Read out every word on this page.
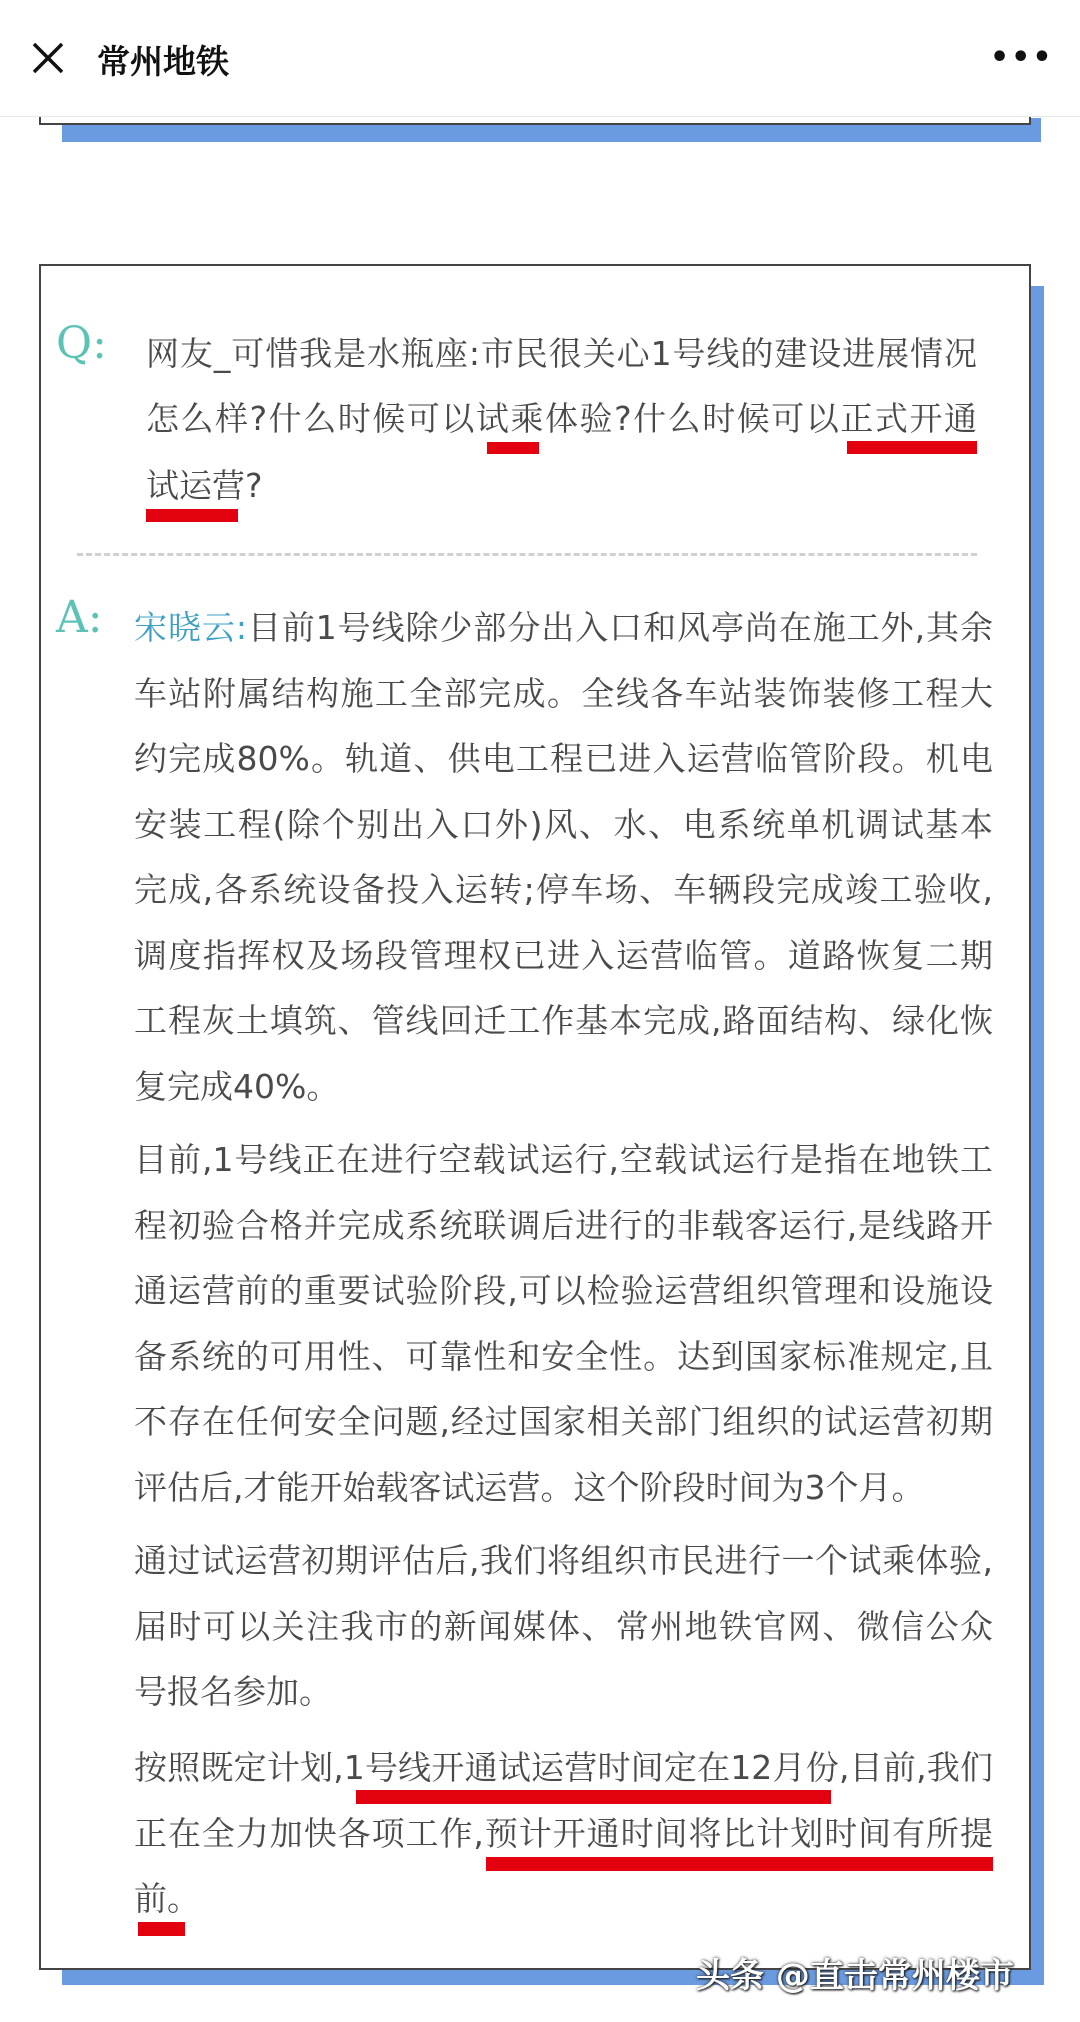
常州地铁	•••
Q: 网友_可惜我是水瓶座:市民很关心1号线的建设进展情况
怎么样?什么时候可以试乘体验?什么时候可以正式开通
试运营?
A: 宋晓云:目前1号线除少部分出入口和风亭尚在施工外,其余
车站附属结构施工全部完成。全线各车站装饰装修工程大
约完成80%。轨道、供电工程已进入运营临管阶段。机电
安装工程(除个别出入口外)风、水、电系统单机调试基本
完成,各系统设备投入运转;停车场、车辆段完成竣工验收,
调度指挥权及场段管理权已进入运营临管。道路恢复二期
工程灰土填筑、管线回迁工作基本完成,路面结构、绿化恢
复完成40%。
目前,1号线正在进行空载试运行,空载试运行是指在地铁工
程初验合格并完成系统联调后进行的非载客运行,是线路开
通运营前的重要试验阶段,可以检验运营组织管理和设施设
备系统的可用性、可靠性和安全性。达到国家标准规定,且
不存在任何安全问题,经过国家相关部门组织的试运营初期
评估后,才能开始载客试运营。这个阶段时间为3个月。
通过试运营初期评估后,我们将组织市民进行一个试乘体验,
届时可以关注我市的新闻媒体、常州地铁官网、微信公众
号报名参加。
按照既定计划,1号线开通试运营时间定在12月份,目前,我们
正在全力加快各项工作,预计开通时间将比计划时间有所提
前。
头条 @直击常州楼市
